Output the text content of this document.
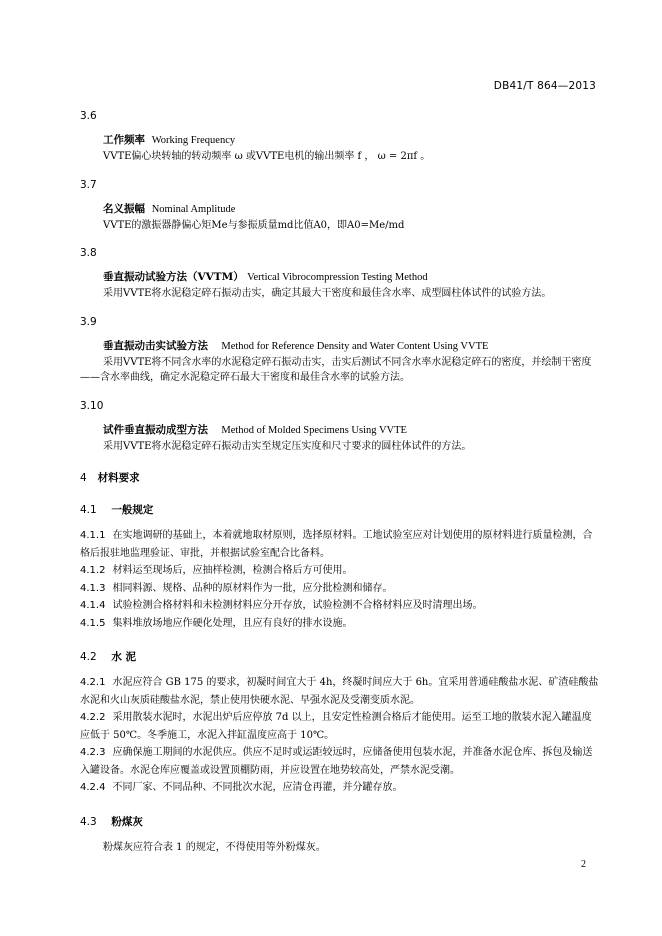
DB41/T 864—2013
3.6
工作频率 Working Frequency
VVTE偏心块转轴的转动频率 ω 或VVTE电机的输出频率 f ， ω = 2πf 。
3.7
名义振幅 Nominal Amplitude
VVTE的激振器静偏心矩Me与参振质量md比值A0，即A0=Me/md
3.8
垂直振动试验方法（VVTM） Vertical Vibrocompression Testing Method
采用VVTE将水泥稳定碎石振动击实，确定其最大干密度和最佳含水率、成型圆柱体试件的试验方法。
3.9
垂直振动击实试验方法 Method for Reference Density and Water Content Using VVTE
采用VVTE将不同含水率的水泥稳定碎石振动击实，击实后测试不同含水率水泥稳定碎石的密度，并绘制干密度——含水率曲线，确定水泥稳定碎石最大干密度和最佳含水率的试验方法。
3.10
试件垂直振动成型方法 Method of Molded Specimens Using VVTE
采用VVTE将水泥稳定碎石振动击实至规定压实度和尺寸要求的圆柱体试件的方法。
4 材料要求
4.1 一般规定
4.1.1 在实地调研的基础上，本着就地取材原则，选择原材料。工地试验室应对计划使用的原材料进行质量检测，合格后报驻地监理验证、审批，并根据试验室配合比备料。
4.1.2 材料运至现场后，应抽样检测，检测合格后方可使用。
4.1.3 相同料源、规格、品种的原材料作为一批，应分批检测和储存。
4.1.4 试验检测合格材料和未检测材料应分开存放，试验检测不合格材料应及时清理出场。
4.1.5 集料堆放场地应作硬化处理，且应有良好的排水设施。
4.2 水 泥
4.2.1 水泥应符合 GB 175 的要求，初凝时间宜大于 4h，终凝时间应大于 6h。宜采用普通硅酸盐水泥、矿渣硅酸盐水泥和火山灰质硅酸盐水泥，禁止使用快硬水泥、早强水泥及受潮变质水泥。
4.2.2 采用散装水泥时，水泥出炉后应停放 7d 以上，且安定性检测合格后才能使用。运至工地的散装水泥入罐温度应低于 50℃。冬季施工，水泥入拌缸温度应高于 10℃。
4.2.3 应确保施工期间的水泥供应。供应不足时或运距较远时，应储备使用包装水泥，并准备水泥仓库、拆包及输送入罐设备。水泥仓库应覆盖或设置顶棚防雨，并应设置在地势较高处，严禁水泥受潮。
4.2.4 不同厂家、不同品种、不同批次水泥，应清仓再灌，并分罐存放。
4.3 粉煤灰
粉煤灰应符合表 1 的规定，不得使用等外粉煤灰。
2
